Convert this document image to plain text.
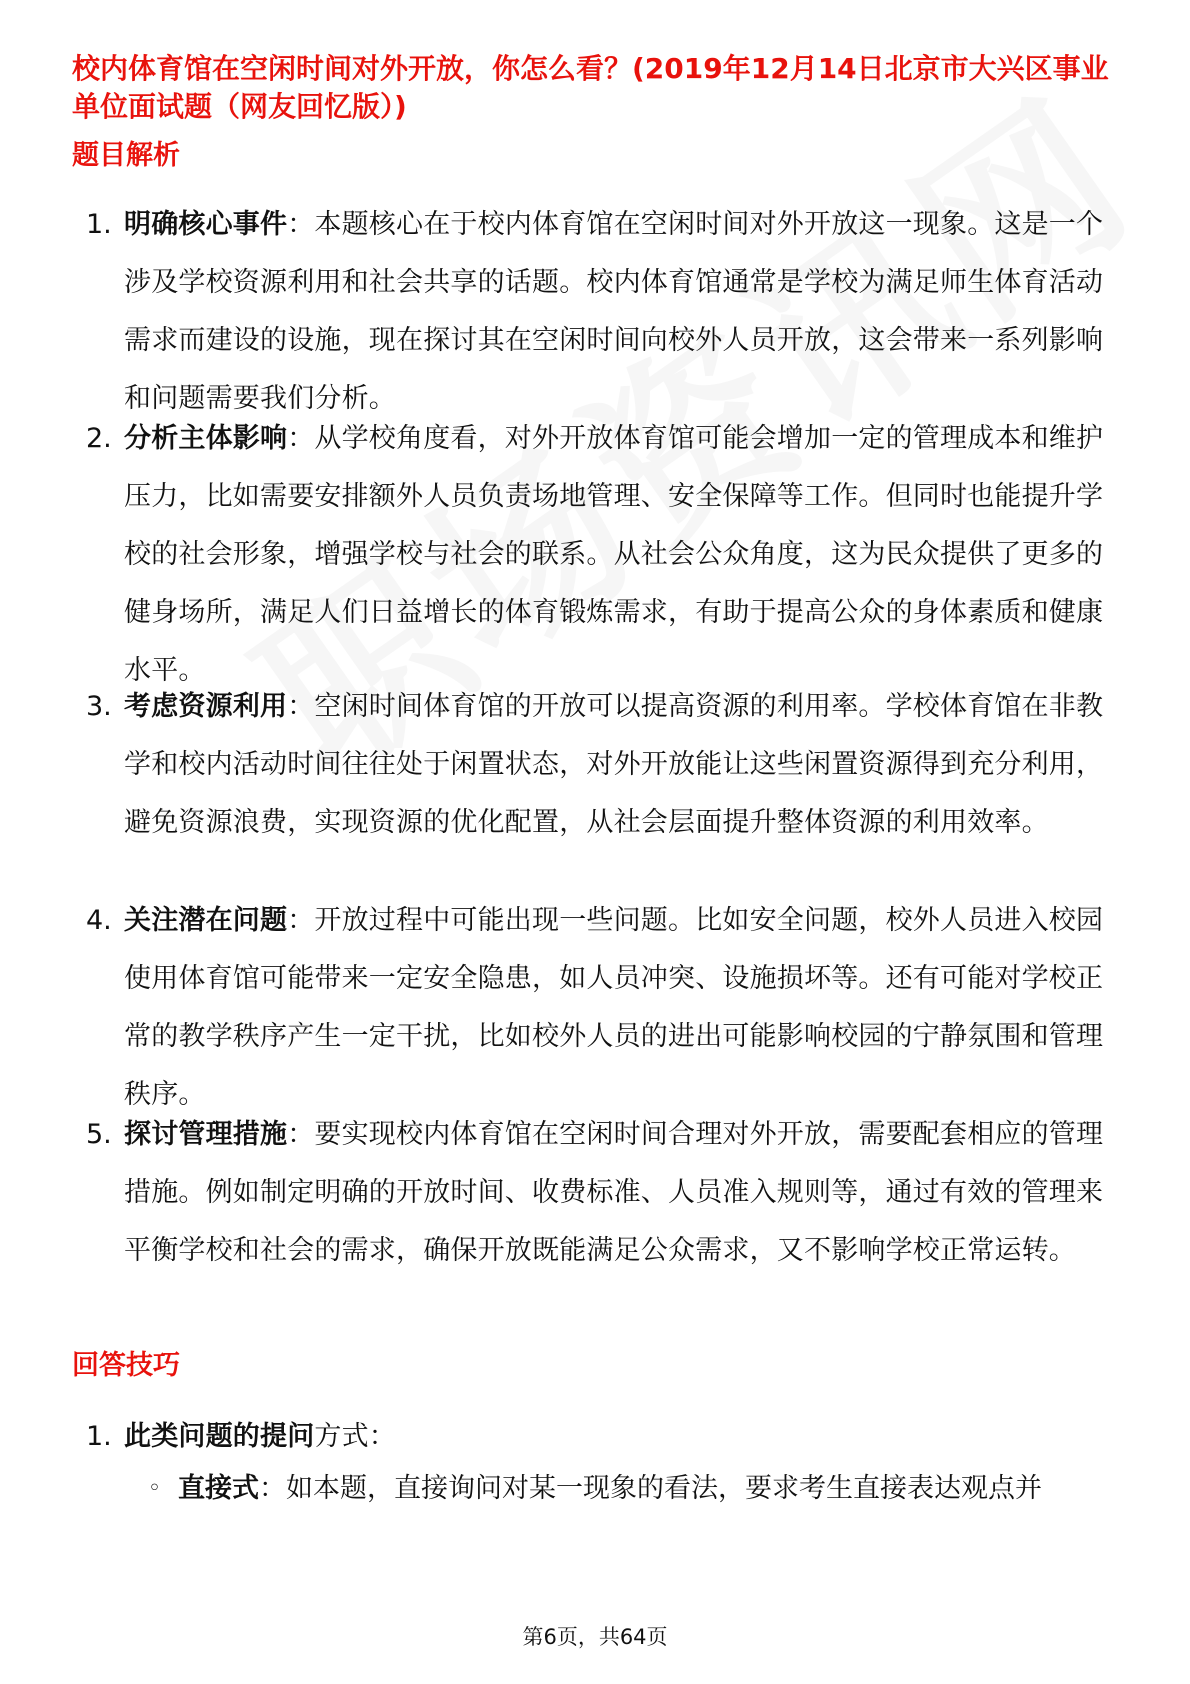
校内体育馆在空闲时间对外开放，你怎么看？(2019年12月14日北京市大兴区事业单位面试题（网友回忆版）)
题目解析
1. 明确核心事件：本题核心在于校内体育馆在空闲时间对外开放这一现象。这是一个涉及学校资源利用和社会共享的话题。校内体育馆通常是学校为满足师生体育活动需求而建设的设施，现在探讨其在空闲时间向校外人员开放，这会带来一系列影响和问题需要我们分析。

2. 分析主体影响：从学校角度看，对外开放体育馆可能会增加一定的管理成本和维护压力，比如需要安排额外人员负责场地管理、安全保障等工作。但同时也能提升学校的社会形象，增强学校与社会的联系。从社会公众角度，这为民众提供了更多的健身场所，满足人们日益增长的体育锻炼需求，有助于提高公众的身体素质和健康水平。

3. 考虑资源利用：空闲时间体育馆的开放可以提高资源的利用率。学校体育馆在非教学和校内活动时间往往处于闲置状态，对外开放能让这些闲置资源得到充分利用，避免资源浪费，实现资源的优化配置，从社会层面提升整体资源的利用效率。

4. 关注潜在问题：开放过程中可能出现一些问题。比如安全问题，校外人员进入校园使用体育馆可能带来一定安全隐患，如人员冲突、设施损坏等。还有可能对学校正常的教学秩序产生一定干扰，比如校外人员的进出可能影响校园的宁静氛围和管理秩序。

5. 探讨管理措施：要实现校内体育馆在空闲时间合理对外开放，需要配套相应的管理措施。例如制定明确的开放时间、收费标准、人员准入规则等，通过有效的管理来平衡学校和社会的需求，确保开放既能满足公众需求，又不影响学校正常运转。

回答技巧
1. 此类问题的提问方式：

◦ 直接式：如本题，直接询问对某一现象的看法，要求考生直接表达观点并

第6页，共64页
